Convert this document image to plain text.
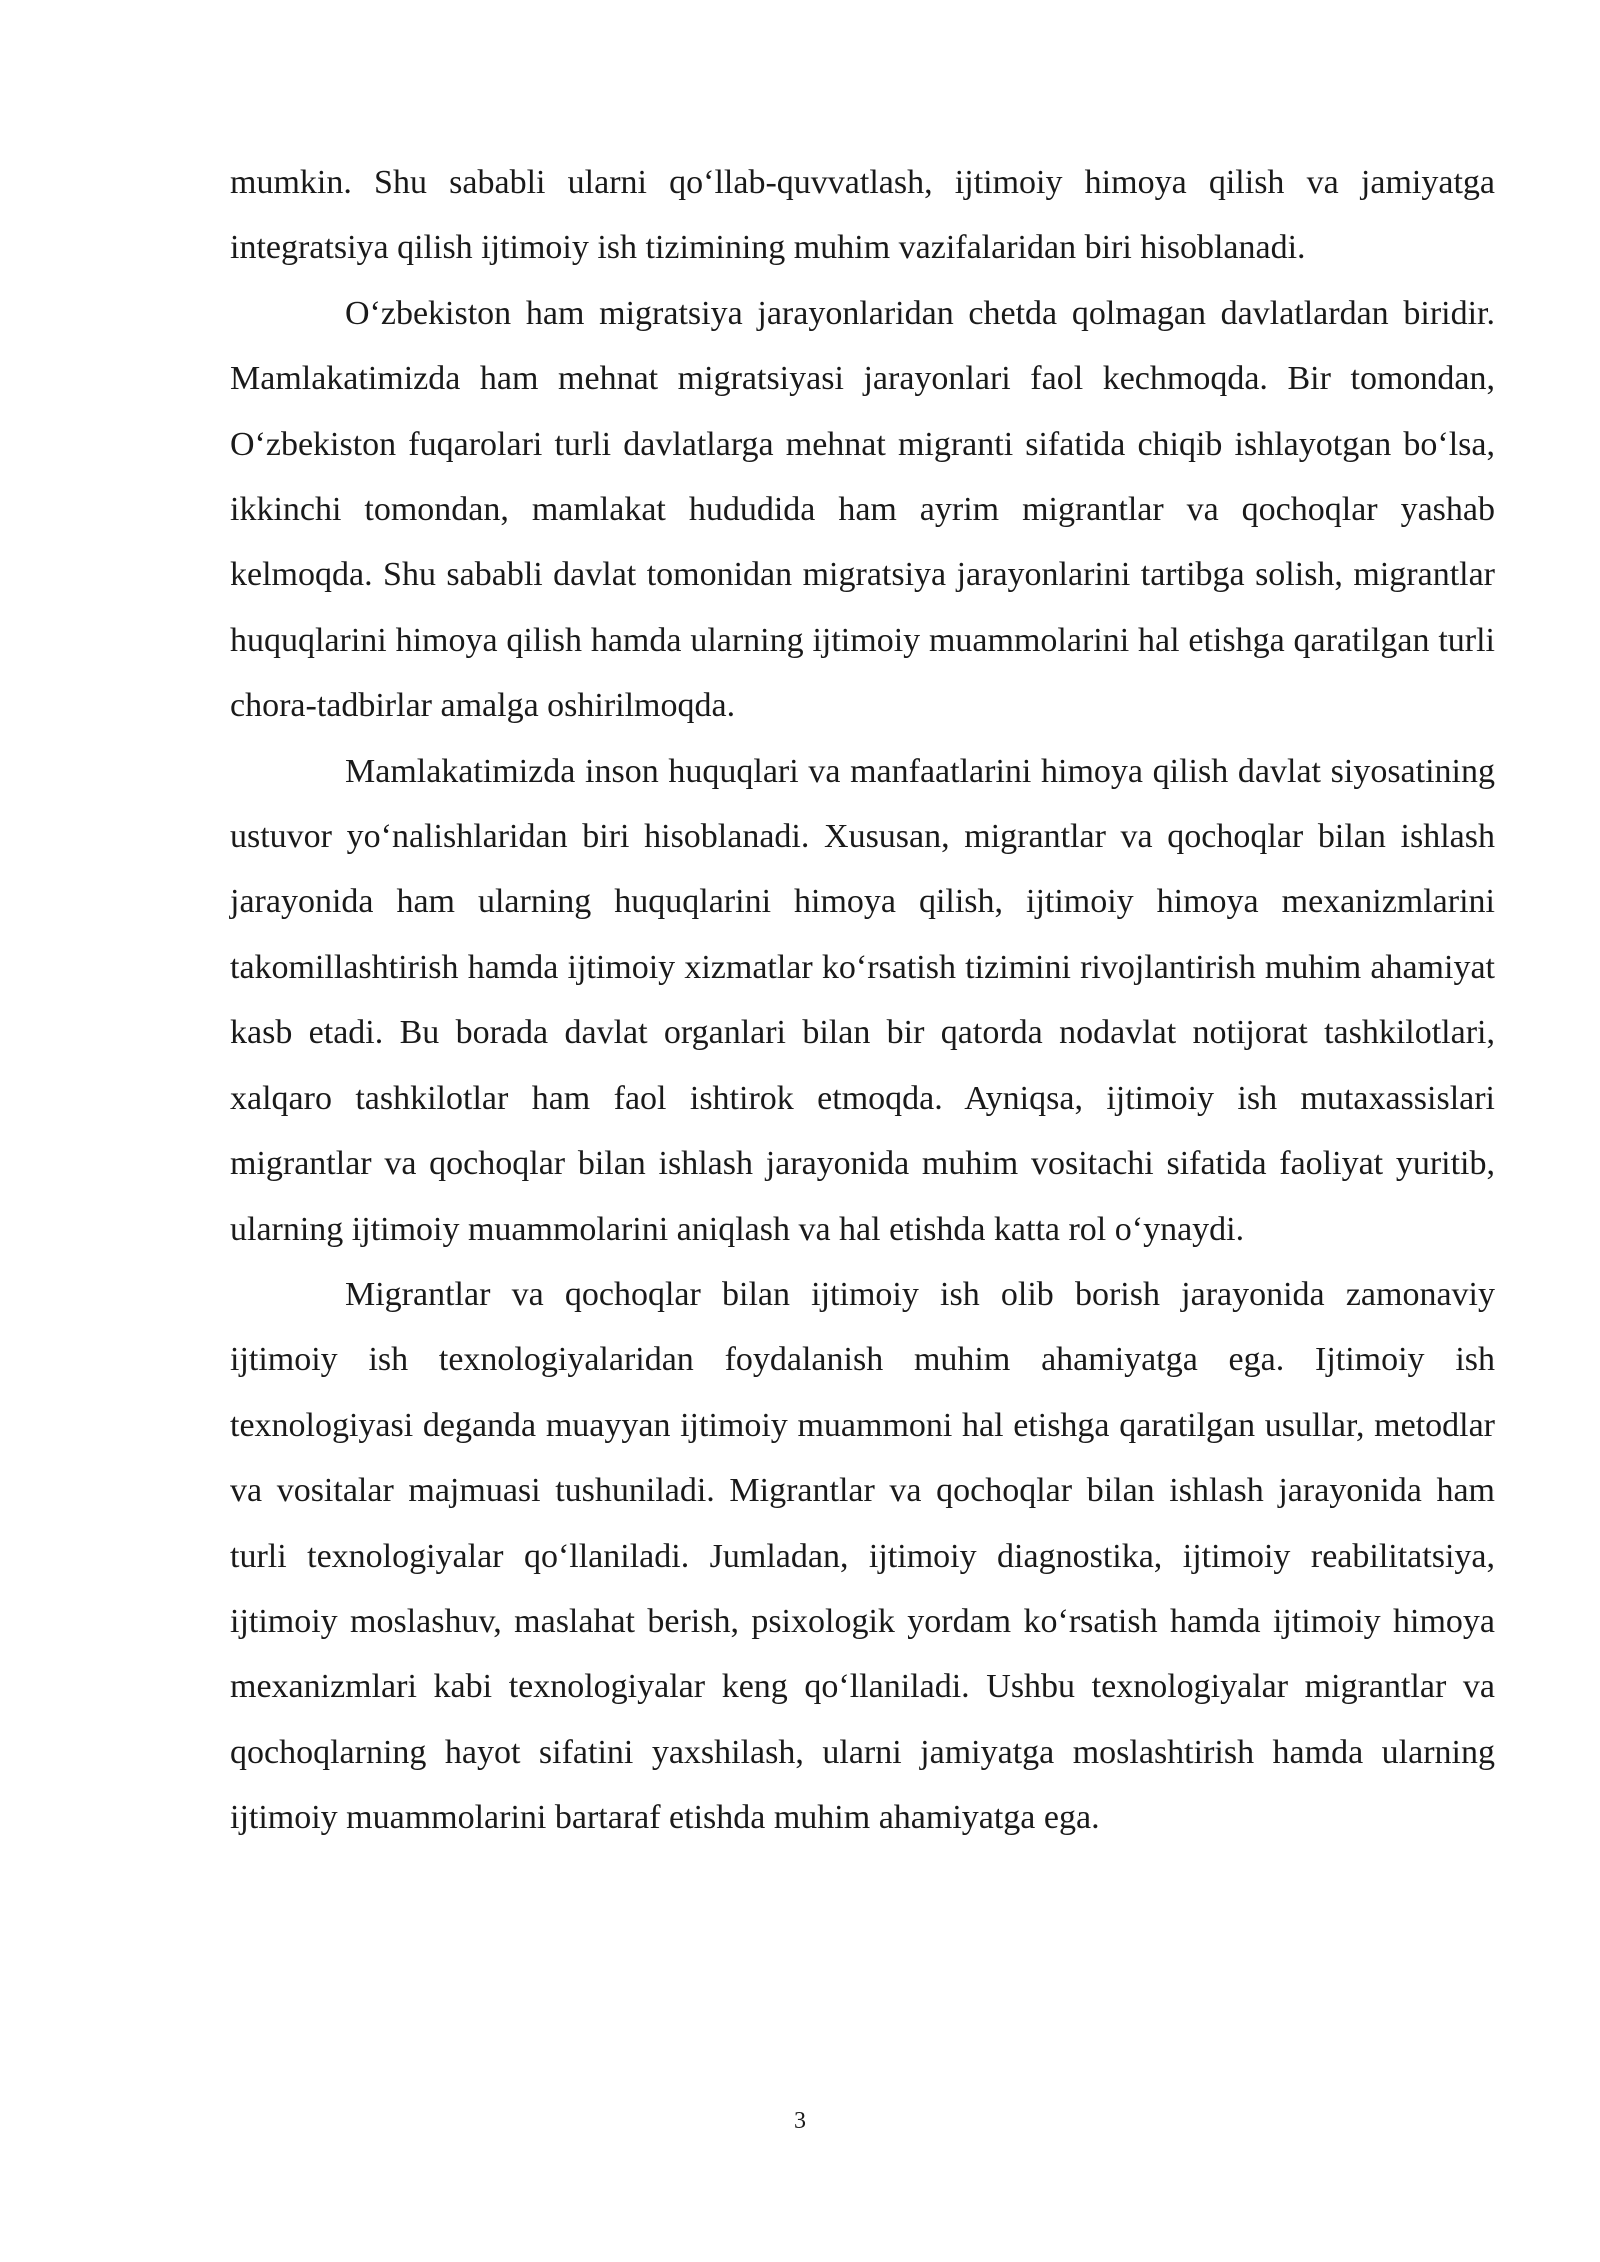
mumkin. Shu sababli ularni qo‘llab-quvvatlash, ijtimoiy himoya qilish va jamiyatga integratsiya qilish ijtimoiy ish tizimining muhim vazifalaridan biri hisoblanadi.

O‘zbekiston ham migratsiya jarayonlaridan chetda qolmagan davlatlardan biridir. Mamlakatimizda ham mehnat migratsiyasi jarayonlari faol kechmoqda. Bir tomondan, O‘zbekiston fuqarolari turli davlatlarga mehnat migranti sifatida chiqib ishlayotgan bo‘lsa, ikkinchi tomondan, mamlakat hududida ham ayrim migrantlar va qochoqlar yashab kelmoqda. Shu sababli davlat tomonidan migratsiya jarayonlarini tartibga solish, migrantlar huquqlarini himoya qilish hamda ularning ijtimoiy muammolarini hal etishga qaratilgan turli chora-tadbirlar amalga oshirilmoqda.

Mamlakatimizda inson huquqlari va manfaatlarini himoya qilish davlat siyosatining ustuvor yo‘nalishlaridan biri hisoblanadi. Xususan, migrantlar va qochoqlar bilan ishlash jarayonida ham ularning huquqlarini himoya qilish, ijtimoiy himoya mexanizmlarini takomillashtirish hamda ijtimoiy xizmatlar ko‘rsatish tizimini rivojlantirish muhim ahamiyat kasb etadi. Bu borada davlat organlari bilan bir qatorda nodavlat notijorat tashkilotlari, xalqaro tashkilotlar ham faol ishtirok etmoqda. Ayniqsa, ijtimoiy ish mutaxassislari migrantlar va qochoqlar bilan ishlash jarayonida muhim vositachi sifatida faoliyat yuritib, ularning ijtimoiy muammolarini aniqlash va hal etishda katta rol o‘ynaydi.

Migrantlar va qochoqlar bilan ijtimoiy ish olib borish jarayonida zamonaviy ijtimoiy ish texnologiyalaridan foydalanish muhim ahamiyatga ega. Ijtimoiy ish texnologiyasi deganda muayyan ijtimoiy muammoni hal etishga qaratilgan usullar, metodlar va vositalar majmuasi tushuniladi. Migrantlar va qochoqlar bilan ishlash jarayonida ham turli texnologiyalar qo‘llaniladi. Jumladan, ijtimoiy diagnostika, ijtimoiy reabilitatsiya, ijtimoiy moslashuv, maslahat berish, psixologik yordam ko‘rsatish hamda ijtimoiy himoya mexanizmlari kabi texnologiyalar keng qo‘llaniladi. Ushbu texnologiyalar migrantlar va qochoqlarning hayot sifatini yaxshilash, ularni jamiyatga moslashtirish hamda ularning ijtimoiy muammolarini bartaraf etishda muhim ahamiyatga ega.

3
